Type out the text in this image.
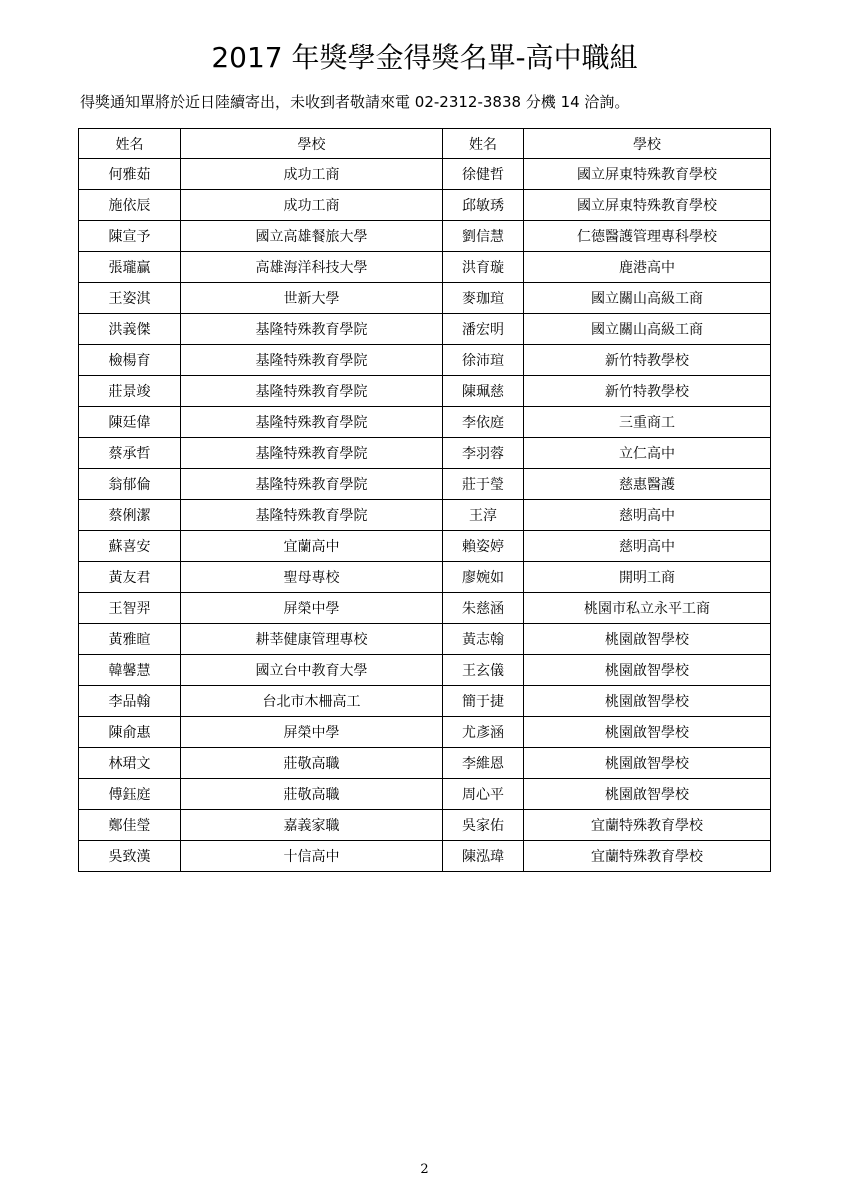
2017 年獎學金得獎名單-高中職組
得獎通知單將於近日陸續寄出，未收到者敬請來電 02-2312-3838 分機 14 洽詢。
姓名	學校	姓名	學校
何雅茹	成功工商	徐健哲	國立屏東特殊教育學校
施依辰	成功工商	邱敏琇	國立屏東特殊教育學校
陳宣予	國立高雄餐旅大學	劉信慧	仁德醫護管理專科學校
張瓏贏	高雄海洋科技大學	洪育璇	鹿港高中
王姿淇	世新大學	麥珈瑄	國立關山高級工商
洪義傑	基隆特殊教育學院	潘宏明	國立關山高級工商
檢楊育	基隆特殊教育學院	徐沛瑄	新竹特教學校
莊景竣	基隆特殊教育學院	陳珮慈	新竹特教學校
陳廷偉	基隆特殊教育學院	李依庭	三重商工
蔡承哲	基隆特殊教育學院	李羽蓉	立仁高中
翁郁倫	基隆特殊教育學院	莊于瑩	慈惠醫護
蔡俐潔	基隆特殊教育學院	王淳	慈明高中
蘇喜安	宜蘭高中	賴姿婷	慈明高中
黃友君	聖母專校	廖婉如	開明工商
王智羿	屏榮中學	朱慈涵	桃園市私立永平工商
黃雅暄	耕莘健康管理專校	黃志翰	桃園啟智學校
韓馨慧	國立台中教育大學	王玄儀	桃園啟智學校
李品翰	台北市木柵高工	簡于捷	桃園啟智學校
陳俞惠	屏榮中學	尤彥涵	桃園啟智學校
林珺文	莊敬高職	李維恩	桃園啟智學校
傅鈺庭	莊敬高職	周心平	桃園啟智學校
鄭佳瑩	嘉義家職	吳家佑	宜蘭特殊教育學校
吳致漢	十信高中	陳泓瑋	宜蘭特殊教育學校
2
